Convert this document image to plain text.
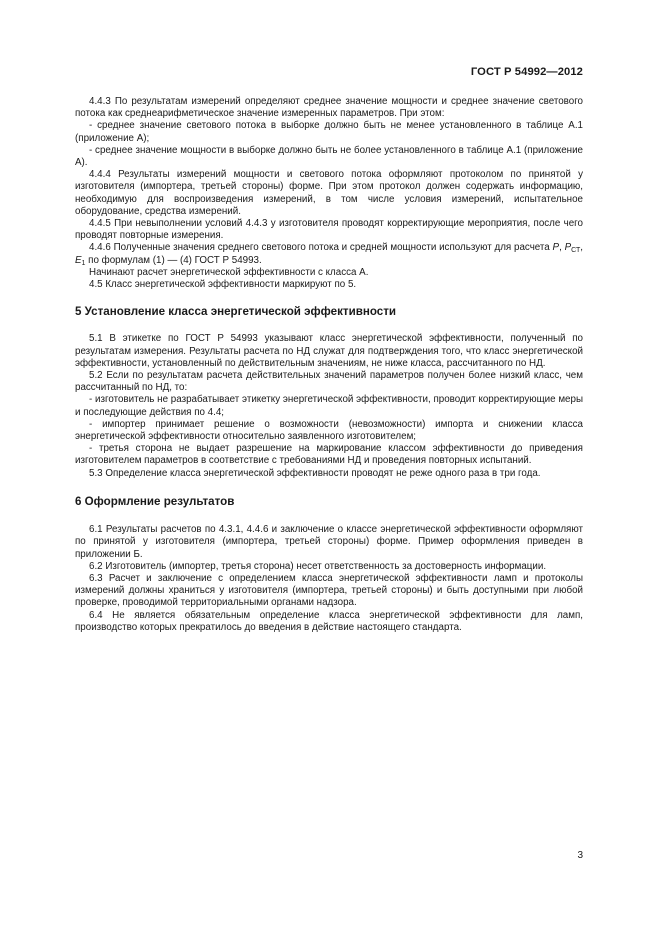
ГОСТ Р 54992—2012

4.4.3 По результатам измерений определяют среднее значение мощности и среднее значение светового потока как среднеарифметическое значение измеренных параметров. При этом:

- среднее значение светового потока в выборке должно быть не менее установленного в таблице А.1 (приложение А);

- среднее значение мощности в выборке должно быть не более установленного в таблице А.1 (приложение А).

4.4.4 Результаты измерений мощности и светового потока оформляют протоколом по принятой у изготовителя (импортера, третьей стороны) форме. При этом протокол должен содержать информацию, необходимую для воспроизведения измерений, в том числе условия измерений, испытательное оборудование, средства измерений.

4.4.5 При невыполнении условий 4.4.3 у изготовителя проводят корректирующие мероприятия, после чего проводят повторные измерения.

4.4.6 Полученные значения среднего светового потока и средней мощности используют для расчета P, $P_{СТ}$, $E_1$ по формулам (1) — (4) ГОСТ Р 54993.

Начинают расчет энергетической эффективности с класса А.

4.5 Класс энергетической эффективности маркируют по 5.

5 Установление класса энергетической эффективности

5.1 В этикетке по ГОСТ Р 54993 указывают класс энергетической эффективности, полученный по результатам измерения. Результаты расчета по НД служат для подтверждения того, что класс энергетической эффективности, установленный по действительным значениям, не ниже класса, рассчитанного по НД.

5.2 Если по результатам расчета действительных значений параметров получен более низкий класс, чем рассчитанный по НД, то:

- изготовитель не разрабатывает этикетку энергетической эффективности, проводит корректирующие меры и последующие действия по 4.4;

- импортер принимает решение о возможности (невозможности) импорта и снижении класса энергетической эффективности относительно заявленного изготовителем;

- третья сторона не выдает разрешение на маркирование классом эффективности до приведения изготовителем параметров в соответствие с требованиями НД и проведения повторных испытаний.

5.3 Определение класса энергетической эффективности проводят не реже одного раза в три года.

6 Оформление результатов

6.1 Результаты расчетов по 4.3.1, 4.4.6 и заключение о классе энергетической эффективности оформляют по принятой у изготовителя (импортера, третьей стороны) форме. Пример оформления приведен в приложении Б.

6.2 Изготовитель (импортер, третья сторона) несет ответственность за достоверность информации.

6.3 Расчет и заключение с определением класса энергетической эффективности ламп и протоколы измерений должны храниться у изготовителя (импортера, третьей стороны) и быть доступными при любой проверке, проводимой территориальными органами надзора.

6.4 Не является обязательным определение класса энергетической эффективности для ламп, производство которых прекратилось до введения в действие настоящего стандарта.

3
